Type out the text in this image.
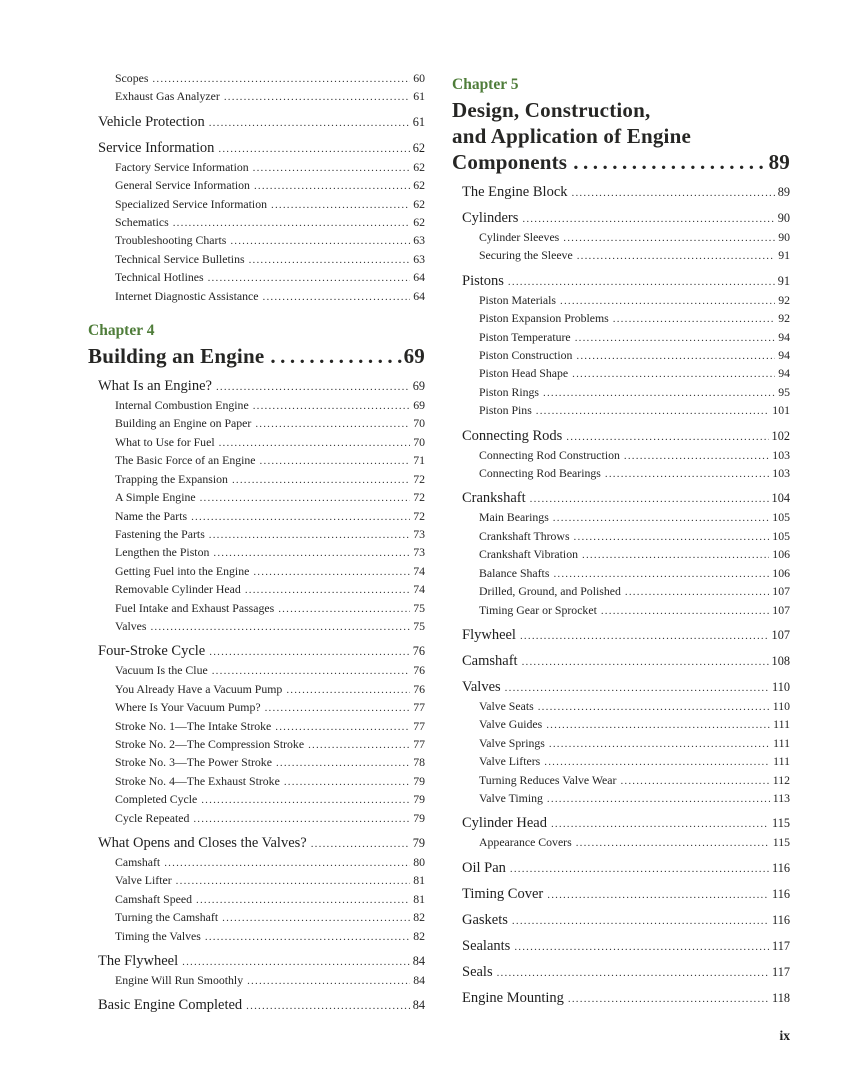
Scopes .....	60
Exhaust Gas Analyzer .....	61
Vehicle Protection .....	61
Service Information .....	62
Factory Service Information .....	62
General Service Information .....	62
Specialized Service Information .....	62
Schematics .....	62
Troubleshooting Charts .....	63
Technical Service Bulletins .....	63
Technical Hotlines .....	64
Internet Diagnostic Assistance .....	64
Chapter 4
Building an Engine .....	69
What Is an Engine? .....	69
Internal Combustion Engine .....	69
Building an Engine on Paper .....	70
What to Use for Fuel .....	70
The Basic Force of an Engine .....	71
Trapping the Expansion .....	72
A Simple Engine .....	72
Name the Parts .....	72
Fastening the Parts .....	73
Lengthen the Piston .....	73
Getting Fuel into the Engine .....	74
Removable Cylinder Head .....	74
Fuel Intake and Exhaust Passages .....	75
Valves .....	75
Four-Stroke Cycle .....	76
Vacuum Is the Clue .....	76
You Already Have a Vacuum Pump .....	76
Where Is Your Vacuum Pump? .....	77
Stroke No. 1—The Intake Stroke .....	77
Stroke No. 2—The Compression Stroke .....	77
Stroke No. 3—The Power Stroke .....	78
Stroke No. 4—The Exhaust Stroke .....	79
Completed Cycle .....	79
Cycle Repeated .....	79
What Opens and Closes the Valves? .....	79
Camshaft .....	80
Valve Lifter .....	81
Camshaft Speed .....	81
Turning the Camshaft .....	82
Timing the Valves .....	82
The Flywheel .....	84
Engine Will Run Smoothly .....	84
Basic Engine Completed .....	84
Chapter 5
Design, Construction,
and Application of Engine
Components .....	89
The Engine Block .....	89
Cylinders .....	90
Cylinder Sleeves .....	90
Securing the Sleeve .....	91
Pistons .....	91
Piston Materials .....	92
Piston Expansion Problems .....	92
Piston Temperature .....	94
Piston Construction .....	94
Piston Head Shape .....	94
Piston Rings .....	95
Piston Pins .....	101
Connecting Rods .....	102
Connecting Rod Construction .....	103
Connecting Rod Bearings .....	103
Crankshaft .....	104
Main Bearings .....	105
Crankshaft Throws .....	105
Crankshaft Vibration .....	106
Balance Shafts .....	106
Drilled, Ground, and Polished .....	107
Timing Gear or Sprocket .....	107
Flywheel .....	107
Camshaft .....	108
Valves .....	110
Valve Seats .....	110
Valve Guides .....	111
Valve Springs .....	111
Valve Lifters .....	111
Turning Reduces Valve Wear .....	112
Valve Timing .....	113
Cylinder Head .....	115
Appearance Covers .....	115
Oil Pan .....	116
Timing Cover .....	116
Gaskets .....	116
Sealants .....	117
Seals .....	117
Engine Mounting .....	118
ix
